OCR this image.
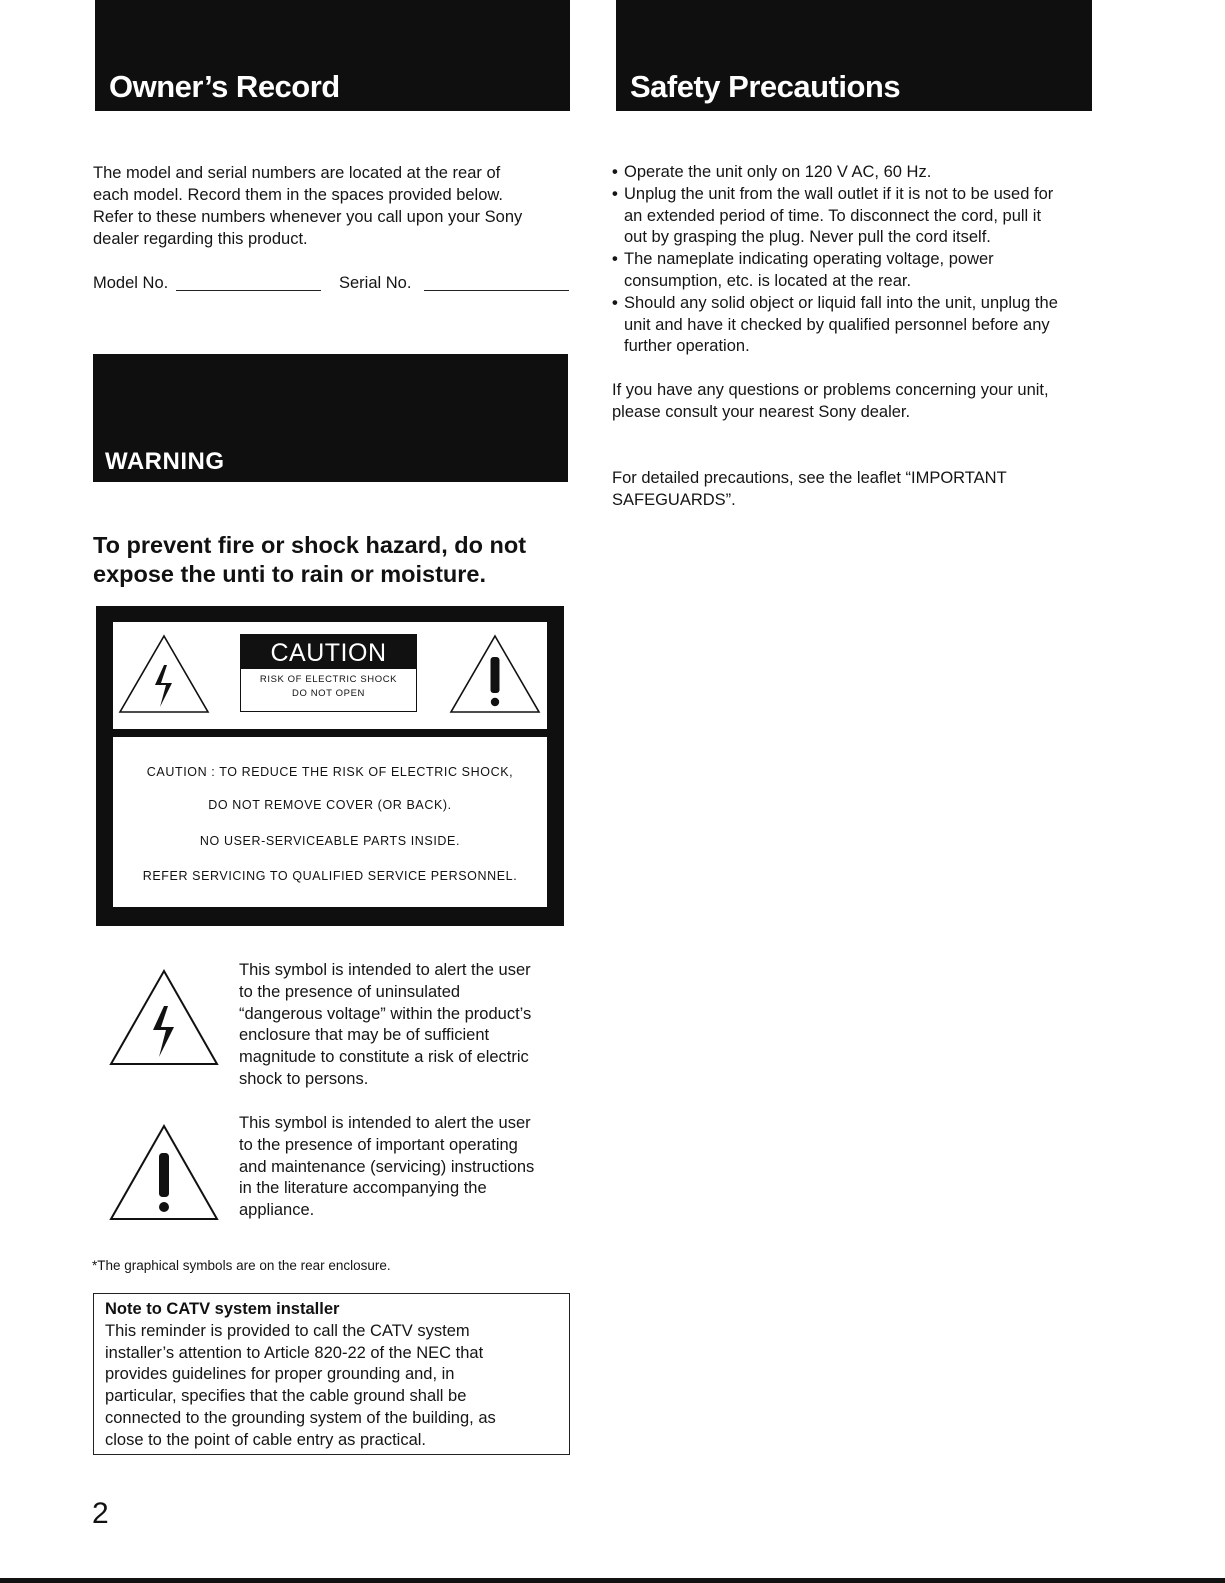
Owner’s Record

The model and serial numbers are located at the rear of

each model. Record them in the spaces provided below.

Refer to these numbers whenever you call upon your Sony

dealer regarding this product.

Model No.	Serial No.
WARNING
To prevent fire or shock hazard, do not
expose the unti to rain or moisture.
CAUTION
RISK OF ELECTRIC SHOCK
DO NOT OPEN
CAUTION : TO REDUCE THE RISK OF ELECTRIC SHOCK,
DO NOT REMOVE COVER (OR BACK).
NO USER-SERVICEABLE PARTS INSIDE.
REFER SERVICING TO QUALIFIED SERVICE PERSONNEL.
This symbol is intended to alert the user
to the presence of uninsulated
“dangerous voltage” within the product’s
enclosure that may be of sufficient
magnitude to constitute a risk of electric
shock to persons.
This symbol is intended to alert the user
to the presence of important operating
and maintenance (servicing) instructions
in the literature accompanying the
appliance.
*The graphical symbols are on the rear enclosure.
Note to CATV system installer
This reminder is provided to call the CATV system
installer’s attention to Article 820-22 of the NEC that
provides guidelines for proper grounding and, in
particular, specifies that the cable ground shall be
connected to the grounding system of the building, as
close to the point of cable entry as practical.
2
Safety Precautions
• Operate the unit only on 120 V AC, 60 Hz.
• Unplug the unit from the wall outlet if it is not to be used for
an extended period of time. To disconnect the cord, pull it
out by grasping the plug. Never pull the cord itself.
• The nameplate indicating operating voltage, power
consumption, etc. is located at the rear.
• Should any solid object or liquid fall into the unit, unplug the
unit and have it checked by qualified personnel before any
further operation.

If you have any questions or problems concerning your unit,

please consult your nearest Sony dealer.

For detailed precautions, see the leaflet “IMPORTANT

SAFEGUARDS”.
